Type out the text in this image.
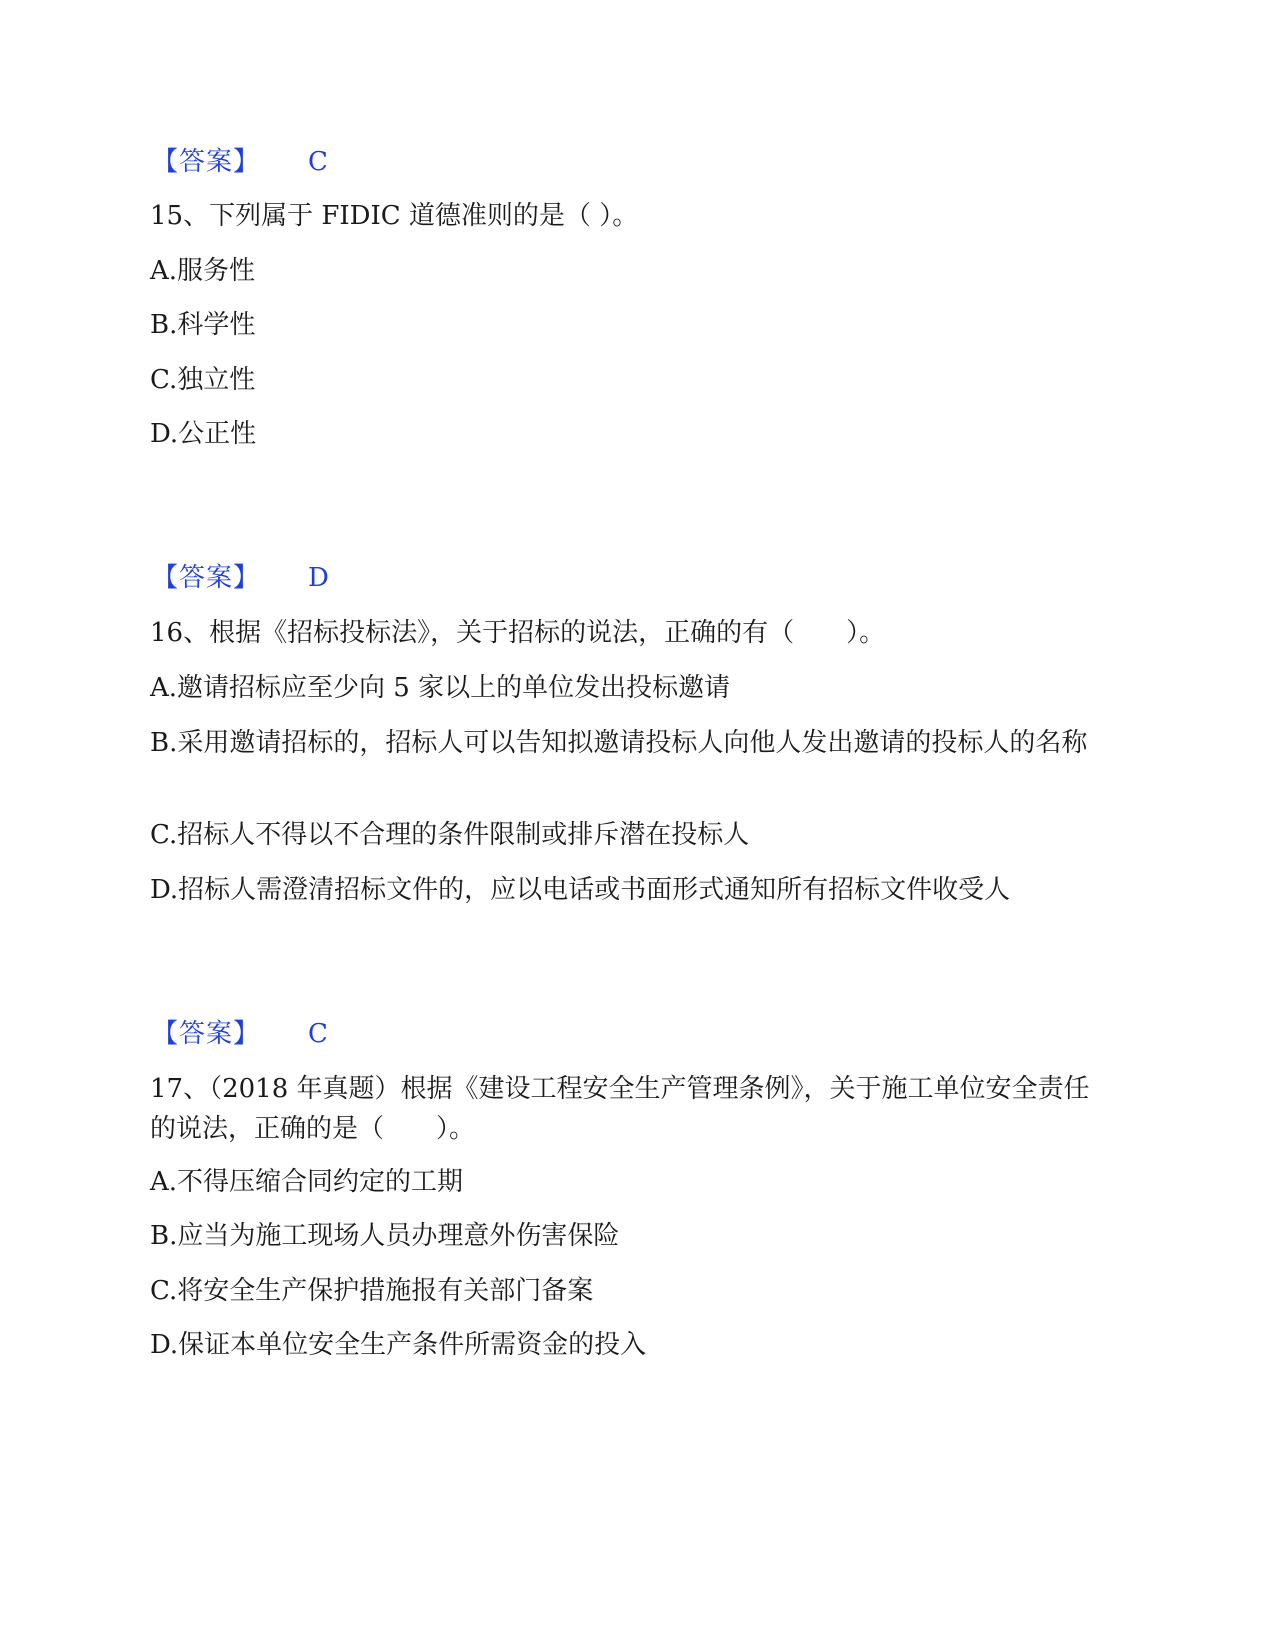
【答案】 C
15、下列属于 FIDIC 道德准则的是（ ）。
A.服务性
B.科学性
C.独立性
D.公正性
【答案】 D
16、根据《招标投标法》，关于招标的说法，正确的有（　　）。
A.邀请招标应至少向 5 家以上的单位发出投标邀请
B.采用邀请招标的，招标人可以告知拟邀请投标人向他人发出邀请的投标人的名称
C.招标人不得以不合理的条件限制或排斥潜在投标人
D.招标人需澄清招标文件的，应以电话或书面形式通知所有招标文件收受人
【答案】 C
17、（2018 年真题）根据《建设工程安全生产管理条例》，关于施工单位安全责任的说法，正确的是（　　）。
A.不得压缩合同约定的工期
B.应当为施工现场人员办理意外伤害保险
C.将安全生产保护措施报有关部门备案
D.保证本单位安全生产条件所需资金的投入
